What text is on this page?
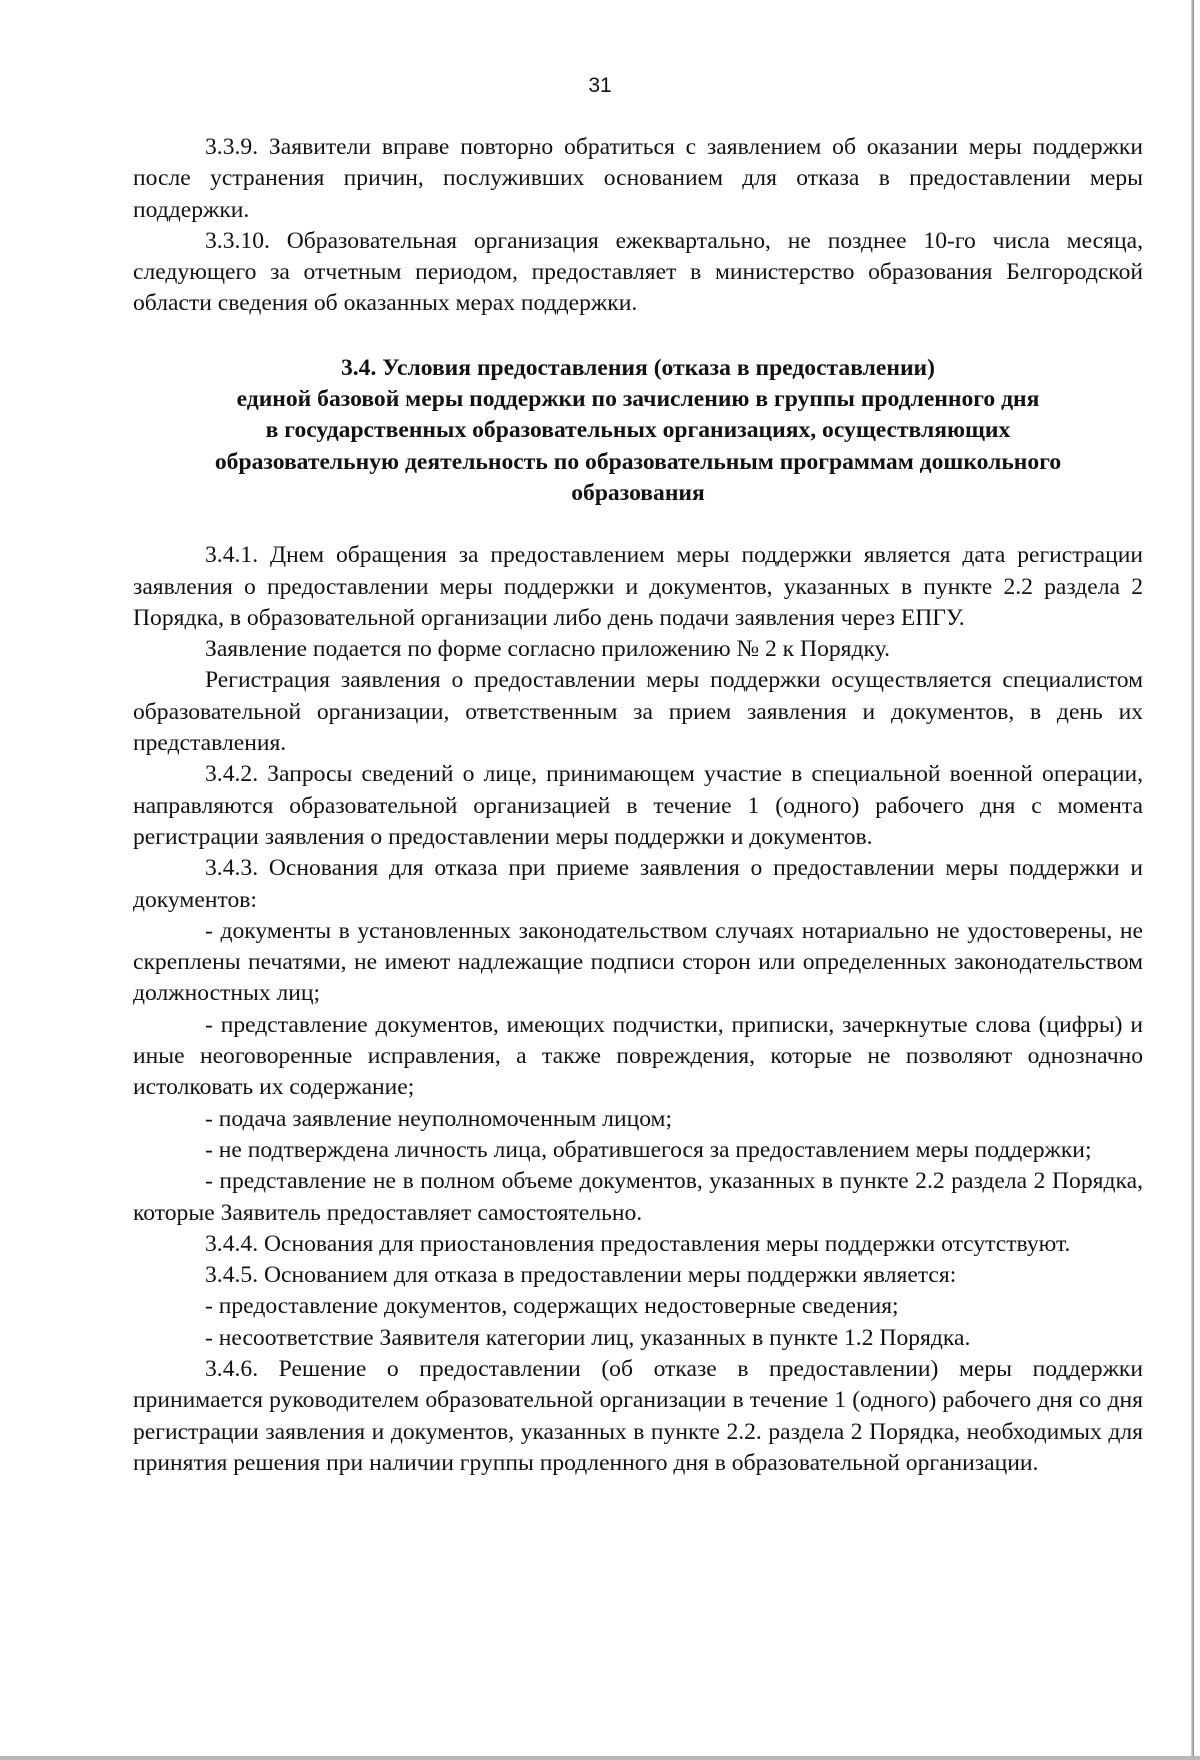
31

3.3.9. Заявители вправе повторно обратиться с заявлением об оказании меры поддержки после устранения причин, послуживших основанием для отказа в предоставлении меры поддержки.

3.3.10. Образовательная организация ежеквартально, не позднее 10-го числа месяца, следующего за отчетным периодом, предоставляет в министерство образования Белгородской области сведения об оказанных мерах поддержки.

3.4. Условия предоставления (отказа в предоставлении)
единой базовой меры поддержки по зачислению в группы продленного дня
в государственных образовательных организациях, осуществляющих
образовательную деятельность по образовательным программам дошкольного
образования

3.4.1. Днем обращения за предоставлением меры поддержки является дата регистрации заявления о предоставлении меры поддержки и документов, указанных в пункте 2.2 раздела 2 Порядка, в образовательной организации либо день подачи заявления через ЕПГУ.

Заявление подается по форме согласно приложению № 2 к Порядку.

Регистрация заявления о предоставлении меры поддержки осуществляется специалистом образовательной организации, ответственным за прием заявления и документов, в день их представления.

3.4.2. Запросы сведений о лице, принимающем участие в специальной военной операции, направляются образовательной организацией в течение 1 (одного) рабочего дня с момента регистрации заявления о предоставлении меры поддержки и документов.

3.4.3. Основания для отказа при приеме заявления о предоставлении меры поддержки и документов:

- документы в установленных законодательством случаях нотариально не удостоверены, не скреплены печатями, не имеют надлежащие подписи сторон или определенных законодательством должностных лиц;

- представление документов, имеющих подчистки, приписки, зачеркнутые слова (цифры) и иные неоговоренные исправления, а также повреждения, которые не позволяют однозначно истолковать их содержание;

- подача заявление неуполномоченным лицом;

- не подтверждена личность лица, обратившегося за предоставлением меры поддержки;

- представление не в полном объеме документов, указанных в пункте 2.2 раздела 2 Порядка, которые Заявитель предоставляет самостоятельно.

3.4.4. Основания для приостановления предоставления меры поддержки отсутствуют.

3.4.5. Основанием для отказа в предоставлении меры поддержки является:

- предоставление документов, содержащих недостоверные сведения;

- несоответствие Заявителя категории лиц, указанных в пункте 1.2 Порядка.

3.4.6. Решение о предоставлении (об отказе в предоставлении) меры поддержки принимается руководителем образовательной организации в течение 1 (одного) рабочего дня со дня регистрации заявления и документов, указанных в пункте 2.2. раздела 2 Порядка, необходимых для принятия решения при наличии группы продленного дня в образовательной организации.
